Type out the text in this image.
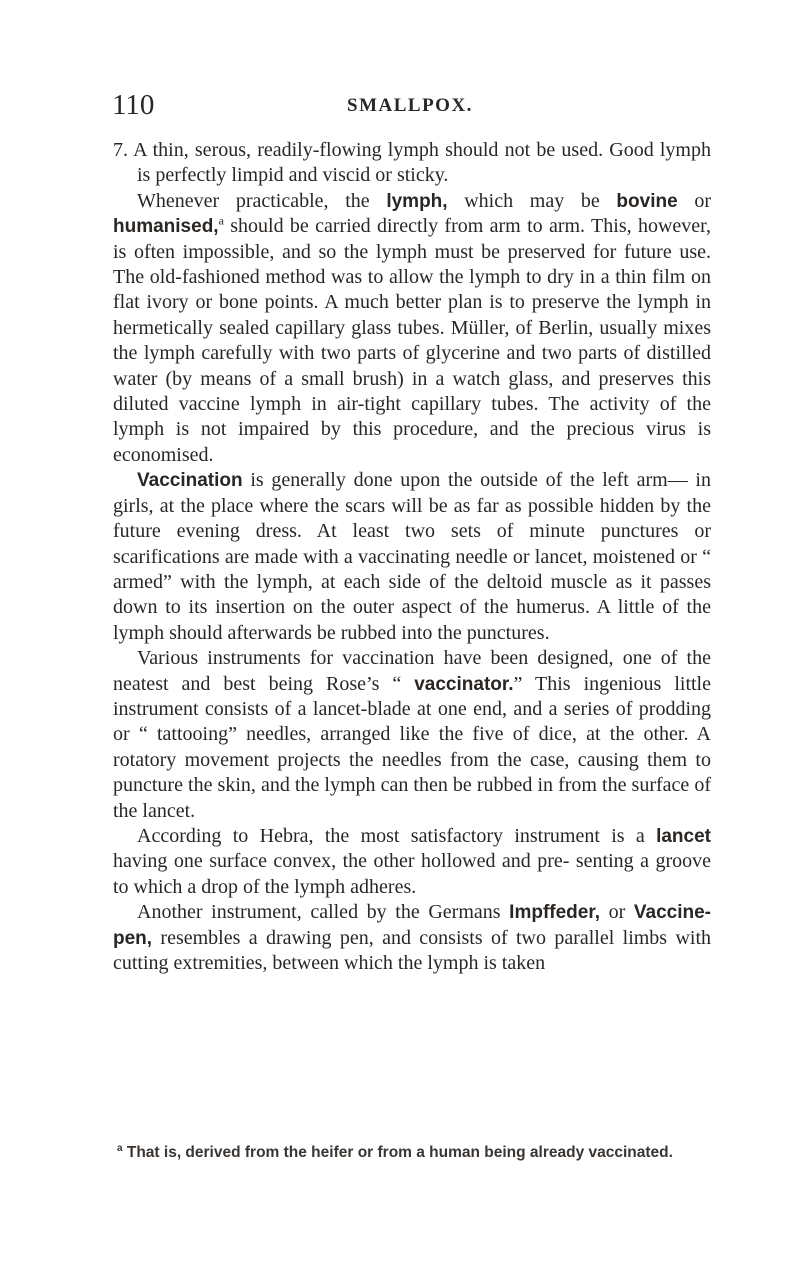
110	SMALLPOX.

7. A thin, serous, readily-flowing lymph should not be used. Good lymph is perfectly limpid and viscid or sticky.

Whenever practicable, the lymph, which may be bovine or humanised,$^a$ should be carried directly from arm to arm. This, however, is often impossible, and so the lymph must be preserved for future use. The old-fashioned method was to allow the lymph to dry in a thin film on flat ivory or bone points. A much better plan is to preserve the lymph in hermetically sealed capillary glass tubes. Müller, of Berlin, usually mixes the lymph carefully with two parts of glycerine and two parts of distilled water (by means of a small brush) in a watch glass, and preserves this diluted vaccine lymph in air-tight capillary tubes. The activity of the lymph is not impaired by this procedure, and the precious virus is economised.

Vaccination is generally done upon the outside of the left arm— in girls, at the place where the scars will be as far as possible hidden by the future evening dress. At least two sets of minute punctures or scarifications are made with a vaccinating needle or lancet, moistened or “ armed” with the lymph, at each side of the deltoid muscle as it passes down to its insertion on the outer aspect of the humerus. A little of the lymph should afterwards be rubbed into the punctures.

Various instruments for vaccination have been designed, one of the neatest and best being Rose’s “ vaccinator.” This ingenious little instrument consists of a lancet-blade at one end, and a series of prodding or “ tattooing” needles, arranged like the five of dice, at the other. A rotatory movement projects the needles from the case, causing them to puncture the skin, and the lymph can then be rubbed in from the surface of the lancet.

According to Hebra, the most satisfactory instrument is a lancet having one surface convex, the other hollowed and pre- senting a groove to which a drop of the lymph adheres.

Another instrument, called by the Germans Impffeder, or Vaccine-pen, resembles a drawing pen, and consists of two parallel limbs with cutting extremities, between which the lymph is taken

$^a$ That is, derived from the heifer or from a human being already vaccinated.
